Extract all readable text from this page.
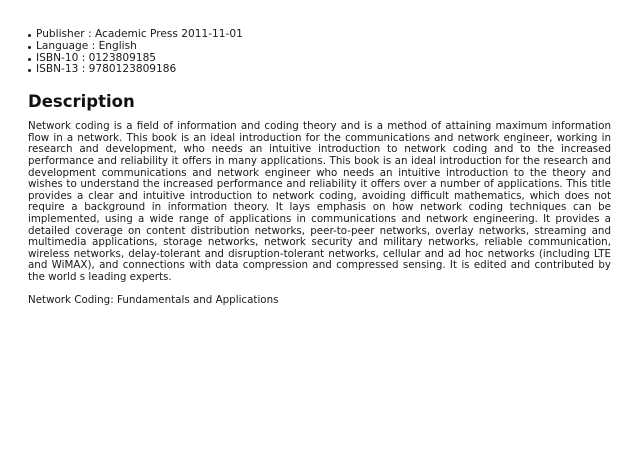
Publisher : Academic Press 2011-11-01
Language : English
ISBN-10 : 0123809185
ISBN-13 : 9780123809186
Description

Network coding is a field of information and coding theory and is a method of attaining maximum information flow in a network. This book is an ideal introduction for the communications and network engineer, working in research and development, who needs an intuitive introduction to network coding and to the increased performance and reliability it offers in many applications. This book is an ideal introduction for the research and development communications and network engineer who needs an intuitive introduction to the theory and wishes to understand the increased performance and reliability it offers over a number of applications. This title provides a clear and intuitive introduction to network coding, avoiding difficult mathematics, which does not require a background in information theory. It lays emphasis on how network coding techniques can be implemented, using a wide range of applications in communications and network engineering. It provides a detailed coverage on content distribution networks, peer-to-peer networks, overlay networks, streaming and multimedia applications, storage networks, network security and military networks, reliable communication, wireless networks, delay-tolerant and disruption-tolerant networks, cellular and ad hoc networks (including LTE and WiMAX), and connections with data compression and compressed sensing. It is edited and contributed by the world s leading experts.

Network Coding: Fundamentals and Applications
